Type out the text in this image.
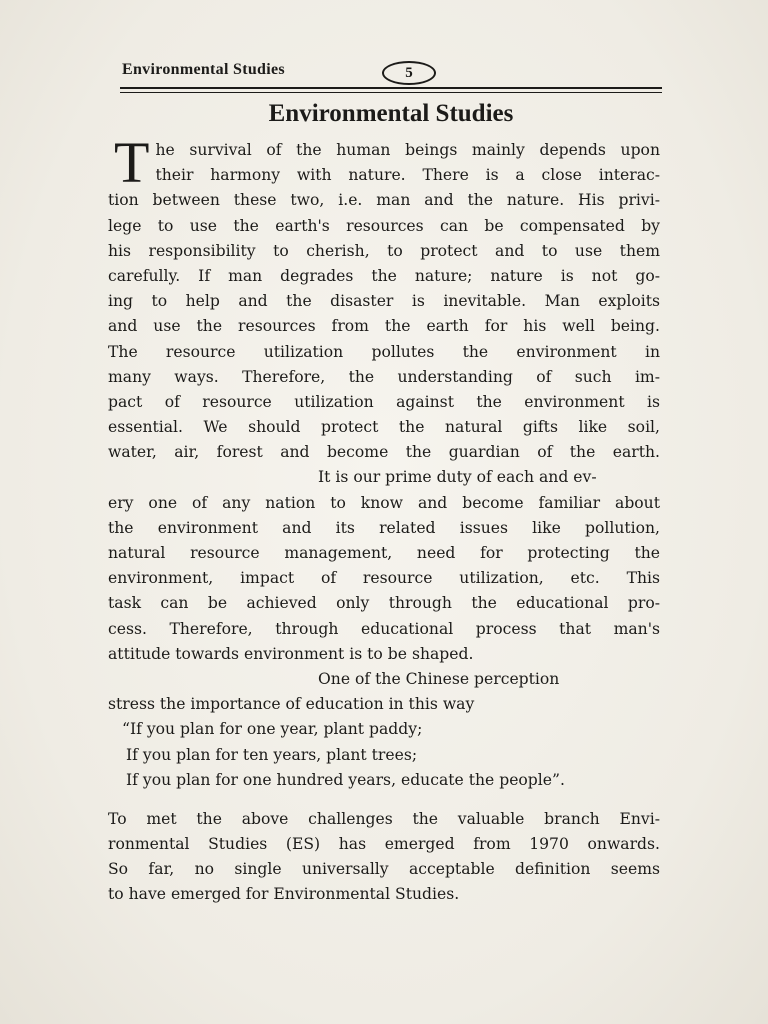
Environmental Studies	5
Environmental Studies
T he survival of the human beings mainly depends upon
their harmony with nature. There is a close interac-
tion between these two, i.e. man and the nature. His privi-
lege to use the earth's resources can be compensated by
his responsibility to cherish, to protect and to use them
carefully. If man degrades the nature; nature is not go-
ing to help and the disaster is inevitable. Man exploits
and use the resources from the earth for his well being.
The resource utilization pollutes the environment in
many ways. Therefore, the understanding of such im-
pact of resource utilization against the environment is
essential. We should protect the natural gifts like soil,
water, air, forest and become the guardian of the earth.
It is our prime duty of each and ev-
ery one of any nation to know and become familiar about
the environment and its related issues like pollution,
natural resource management, need for protecting the
environment, impact of resource utilization, etc. This
task can be achieved only through the educational pro-
cess. Therefore, through educational process that man's
attitude towards environment is to be shaped.
One of the Chinese perception
stress the importance of education in this way
“If you plan for one year, plant paddy;
If you plan for ten years, plant trees;
If you plan for one hundred years, educate the people”.
To met the above challenges the valuable branch Envi-
ronmental Studies (ES) has emerged from 1970 onwards.
So far, no single universally acceptable definition seems
to have emerged for Environmental Studies.
